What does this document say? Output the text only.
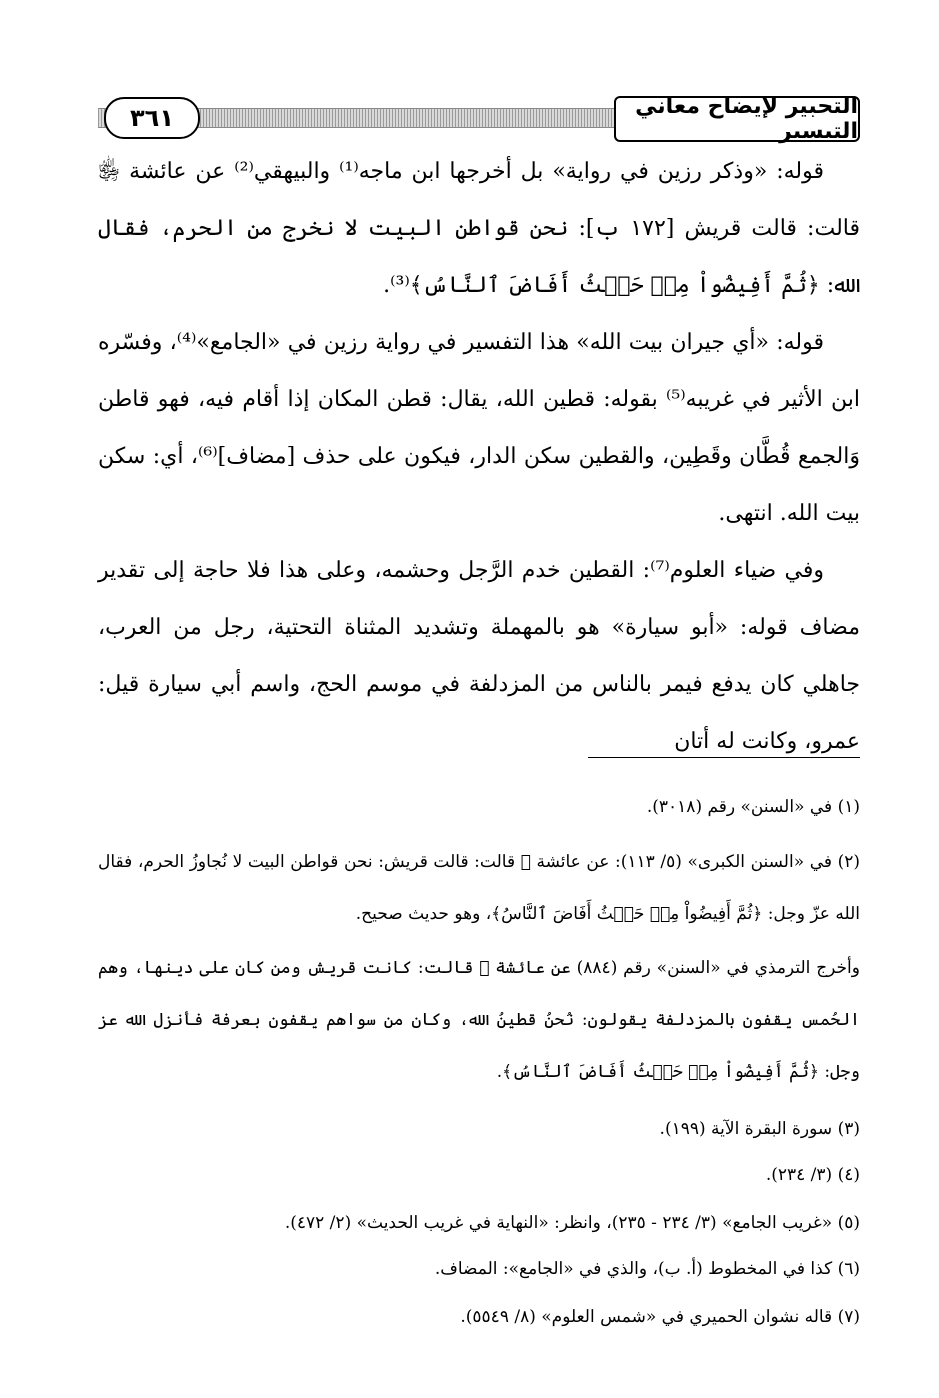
التحبير لإيضاح معاني التيسير
٣٦١

قوله: «وذكر رزين في رواية» بل أخرجها ابن ماجه⁽¹⁾ والبيهقي⁽²⁾ عن عائشة ﵂ قالت: قالت قريش [١٧٢ ب]: نحن قواطن البيت لا نخرج من الحرم، فقال الله: ﴿ثُمَّ أَفِيضُواْ مِنۡ حَيۡثُ أَفَاضَ ٱلنَّاسُ﴾⁽³⁾.

قوله: «أي جيران بيت الله» هذا التفسير في رواية رزين في «الجامع»⁽⁴⁾، وفسّره ابن الأثير في غريبه⁽⁵⁾ بقوله: قطين الله، يقال: قطن المكان إذا أقام فيه، فهو قاطن وَالجمع قُطَّان وقَطِين، والقطين سكن الدار، فيكون على حذف [مضاف]⁽⁶⁾، أي: سكن بيت الله. انتهى.

وفي ضياء العلوم⁽⁷⁾: القطين خدم الرَّجل وحشمه، وعلى هذا فلا حاجة إلى تقدير مضاف قوله: «أبو سيارة» هو بالمهملة وتشديد المثناة التحتية، رجل من العرب، جاهلي كان يدفع فيمر بالناس من المزدلفة في موسم الحج، واسم أبي سيارة قيل: عمرو، وكانت له أتان

(١) في «السنن» رقم (٣٠١٨).

(٢) في «السنن الكبرى» (٥/ ١١٣): عن عائشة ﵂ قالت: قالت قريش: نحن قواطن البيت لا نُجاوزُ الحرم، فقال الله عزّ وجل: ﴿ثُمَّ أَفِيضُواْ مِنۡ حَيۡثُ أَفَاضَ ٱلنَّاسُ﴾، وهو حديث صحيح.

وأخرج الترمذي في «السنن» رقم (٨٨٤) عن عائشة ﵂ قالت: كانت قريش ومن كان على دينها، وهم الحُمس يقفون بالمزدلفة يقولون: نُحنُ قطينُ الله، وكان من سواهم يقفون بعرفة فأنزل الله عز وجل: ﴿ثُمَّ أَفِيضُواْ مِنۡ حَيۡثُ أَفَاضَ ٱلنَّاسُ﴾.

(٣) سورة البقرة الآية (١٩٩).

(٤) (٣/ ٢٣٤).

(٥) «غريب الجامع» (٣/ ٢٣٤ - ٢٣٥)، وانظر: «النهاية في غريب الحديث» (٢/ ٤٧٢).

(٦) كذا في المخطوط (أ. ب)، والذي في «الجامع»: المضاف.

(٧) قاله نشوان الحميري في «شمس العلوم» (٨/ ٥٥٤٩).
